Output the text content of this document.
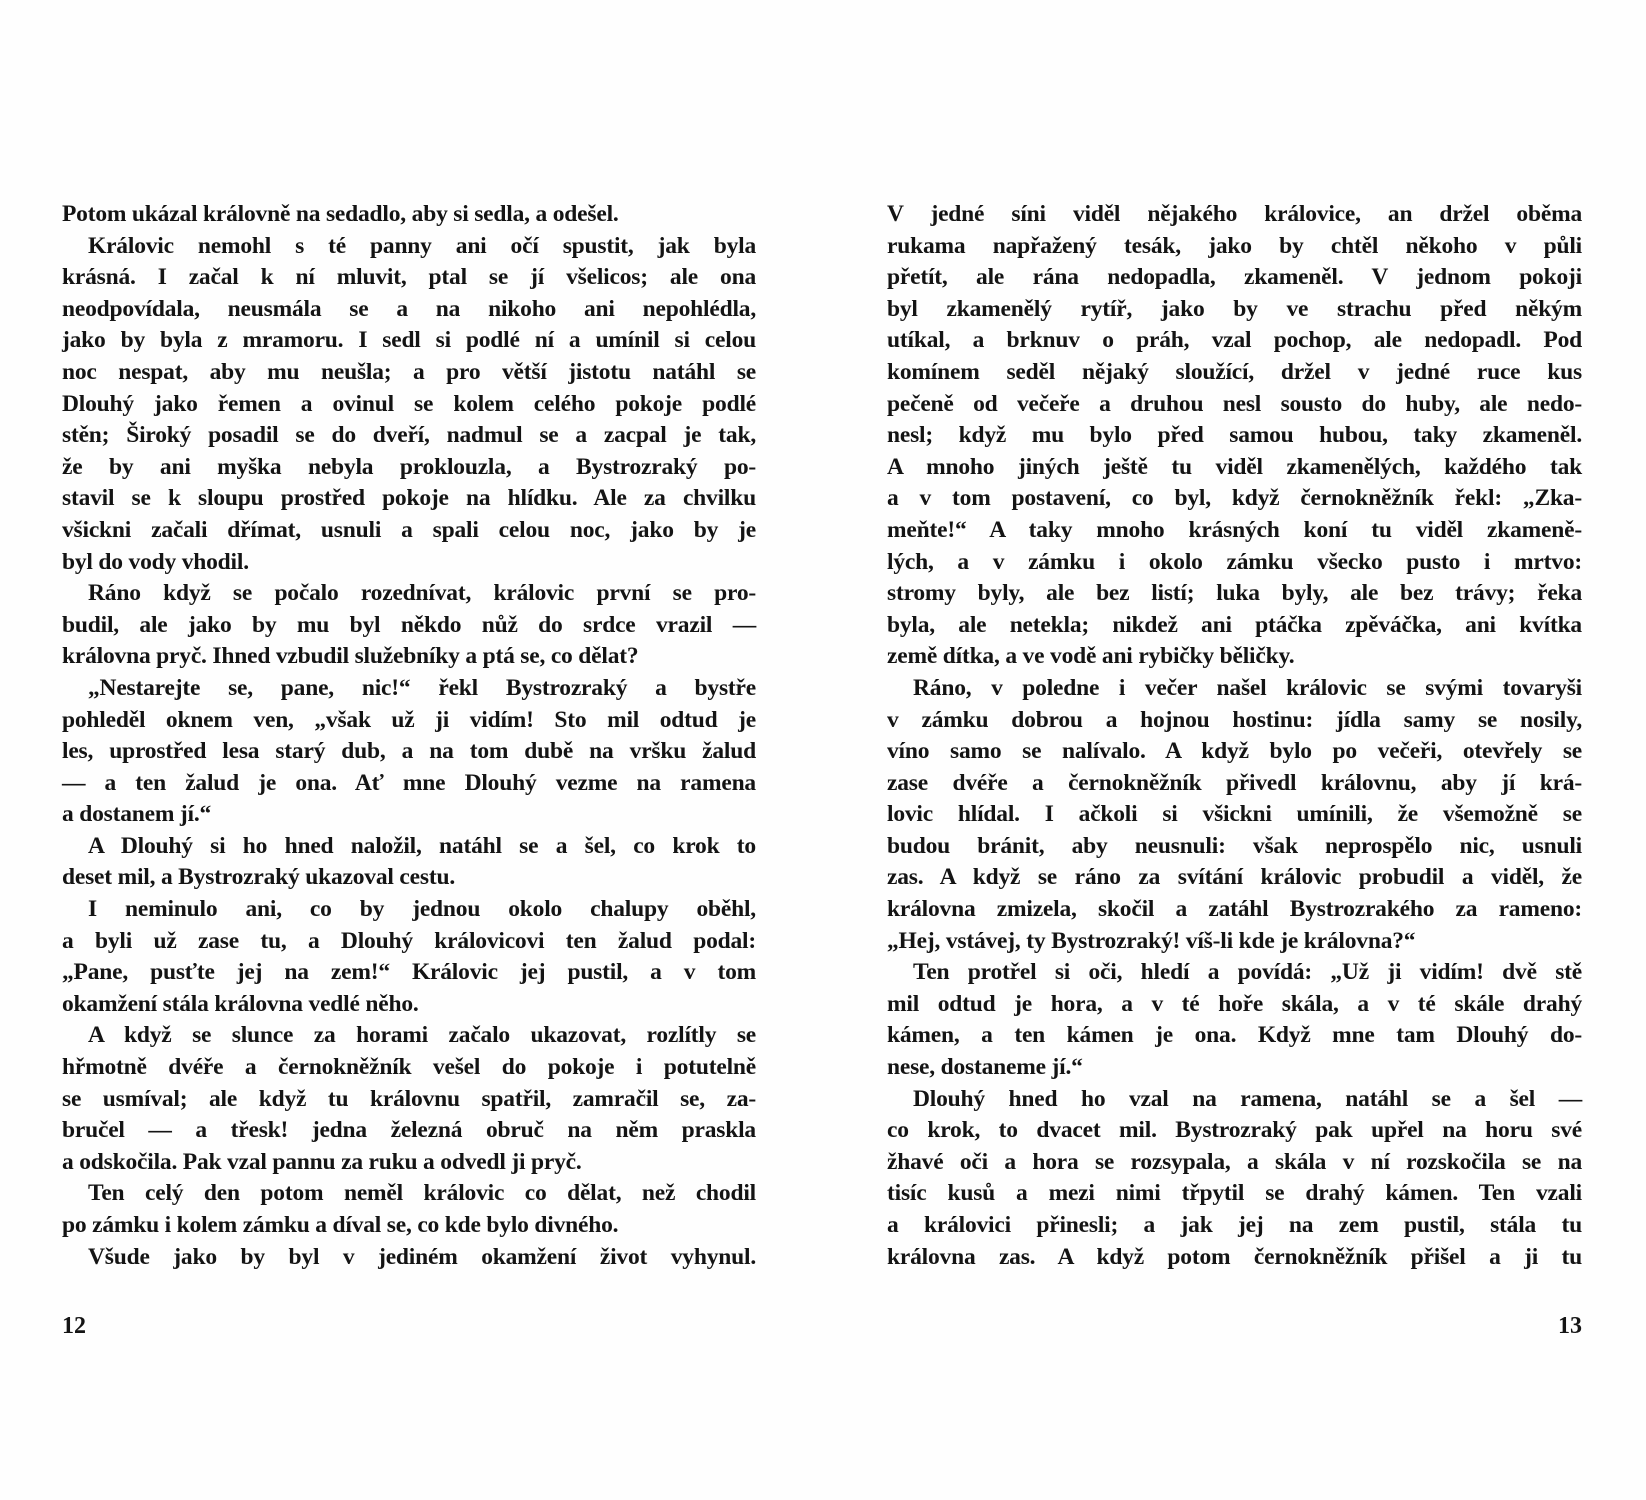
Potom ukázal královně na sedadlo, aby si sedla, a odešel.
Královic nemohl s té panny ani očí spustit, jak byla
krásná. I začal k ní mluvit, ptal se jí všelicos; ale ona
neodpovídala, neusmála se a na nikoho ani nepohlédla,
jako by byla z mramoru. I sedl si podlé ní a umínil si celou
noc nespat, aby mu neušla; a pro větší jistotu natáhl se
Dlouhý jako řemen a ovinul se kolem celého pokoje podlé
stěn; Široký posadil se do dveří, nadmul se a zacpal je tak,
že by ani myška nebyla proklouzla, a Bystrozraký po-
stavil se k sloupu prostřed pokoje na hlídku. Ale za chvilku
všickni začali dřímat, usnuli a spali celou noc, jako by je
byl do vody vhodil.
Ráno když se počalo rozednívat, královic první se pro-
budil, ale jako by mu byl někdo nůž do srdce vrazil —
královna pryč. Ihned vzbudil služebníky a ptá se, co dělat?
„Nestarejte se, pane, nic!“ řekl Bystrozraký a bystře
pohleděl oknem ven, „však už ji vidím! Sto mil odtud je
les, uprostřed lesa starý dub, a na tom dubě na vršku žalud
— a ten žalud je ona. Ať mne Dlouhý vezme na ramena
a dostanem jí.“
A Dlouhý si ho hned naložil, natáhl se a šel, co krok to
deset mil, a Bystrozraký ukazoval cestu.
I neminulo ani, co by jednou okolo chalupy oběhl,
a byli už zase tu, a Dlouhý královicovi ten žalud podal:
„Pane, pusťte jej na zem!“ Královic jej pustil, a v tom
okamžení stála královna vedlé něho.
A když se slunce za horami začalo ukazovat, rozlítly se
hřmotně dvéře a černokněžník vešel do pokoje i potutelně
se usmíval; ale když tu královnu spatřil, zamračil se, za-
bručel — a třesk! jedna železná obruč na něm praskla
a odskočila. Pak vzal pannu za ruku a odvedl ji pryč.
Ten celý den potom neměl královic co dělat, než chodil
po zámku i kolem zámku a díval se, co kde bylo divného.
Všude jako by byl v jediném okamžení život vyhynul.
V jedné síni viděl nějakého královice, an držel oběma
rukama napřažený tesák, jako by chtěl někoho v půli
přetít, ale rána nedopadla, zkameněl. V jednom pokoji
byl zkamenělý rytíř, jako by ve strachu před někým
utíkal, a brknuv o práh, vzal pochop, ale nedopadl. Pod
komínem seděl nějaký sloužící, držel v jedné ruce kus
pečeně od večeře a druhou nesl sousto do huby, ale nedo-
nesl; když mu bylo před samou hubou, taky zkameněl.
A mnoho jiných ještě tu viděl zkamenělých, každého tak
a v tom postavení, co byl, když černokněžník řekl: „Zka-
meňte!“ A taky mnoho krásných koní tu viděl zkameně-
lých, a v zámku i okolo zámku všecko pusto i mrtvo:
stromy byly, ale bez listí; luka byly, ale bez trávy; řeka
byla, ale netekla; nikdež ani ptáčka zpěváčka, ani kvítka
země dítka, a ve vodě ani rybičky běličky.
Ráno, v poledne i večer našel královic se svými tovaryši
v zámku dobrou a hojnou hostinu: jídla samy se nosily,
víno samo se nalívalo. A když bylo po večeři, otevřely se
zase dvéře a černokněžník přivedl královnu, aby jí krá-
lovic hlídal. I ačkoli si všickni umínili, že všemožně se
budou bránit, aby neusnuli: však neprospělo nic, usnuli
zas. A když se ráno za svítání královic probudil a viděl, že
královna zmizela, skočil a zatáhl Bystrozrakého za rameno:
„Hej, vstávej, ty Bystrozraký! víš-li kde je královna?“
Ten protřel si oči, hledí a povídá: „Už ji vidím! dvě stě
mil odtud je hora, a v té hoře skála, a v té skále drahý
kámen, a ten kámen je ona. Když mne tam Dlouhý do-
nese, dostaneme jí.“
Dlouhý hned ho vzal na ramena, natáhl se a šel —
co krok, to dvacet mil. Bystrozraký pak upřel na horu své
žhavé oči a hora se rozsypala, a skála v ní rozskočila se na
tisíc kusů a mezi nimi třpytil se drahý kámen. Ten vzali
a královici přinesli; a jak jej na zem pustil, stála tu
královna zas. A když potom černokněžník přišel a ji tu
12	13
